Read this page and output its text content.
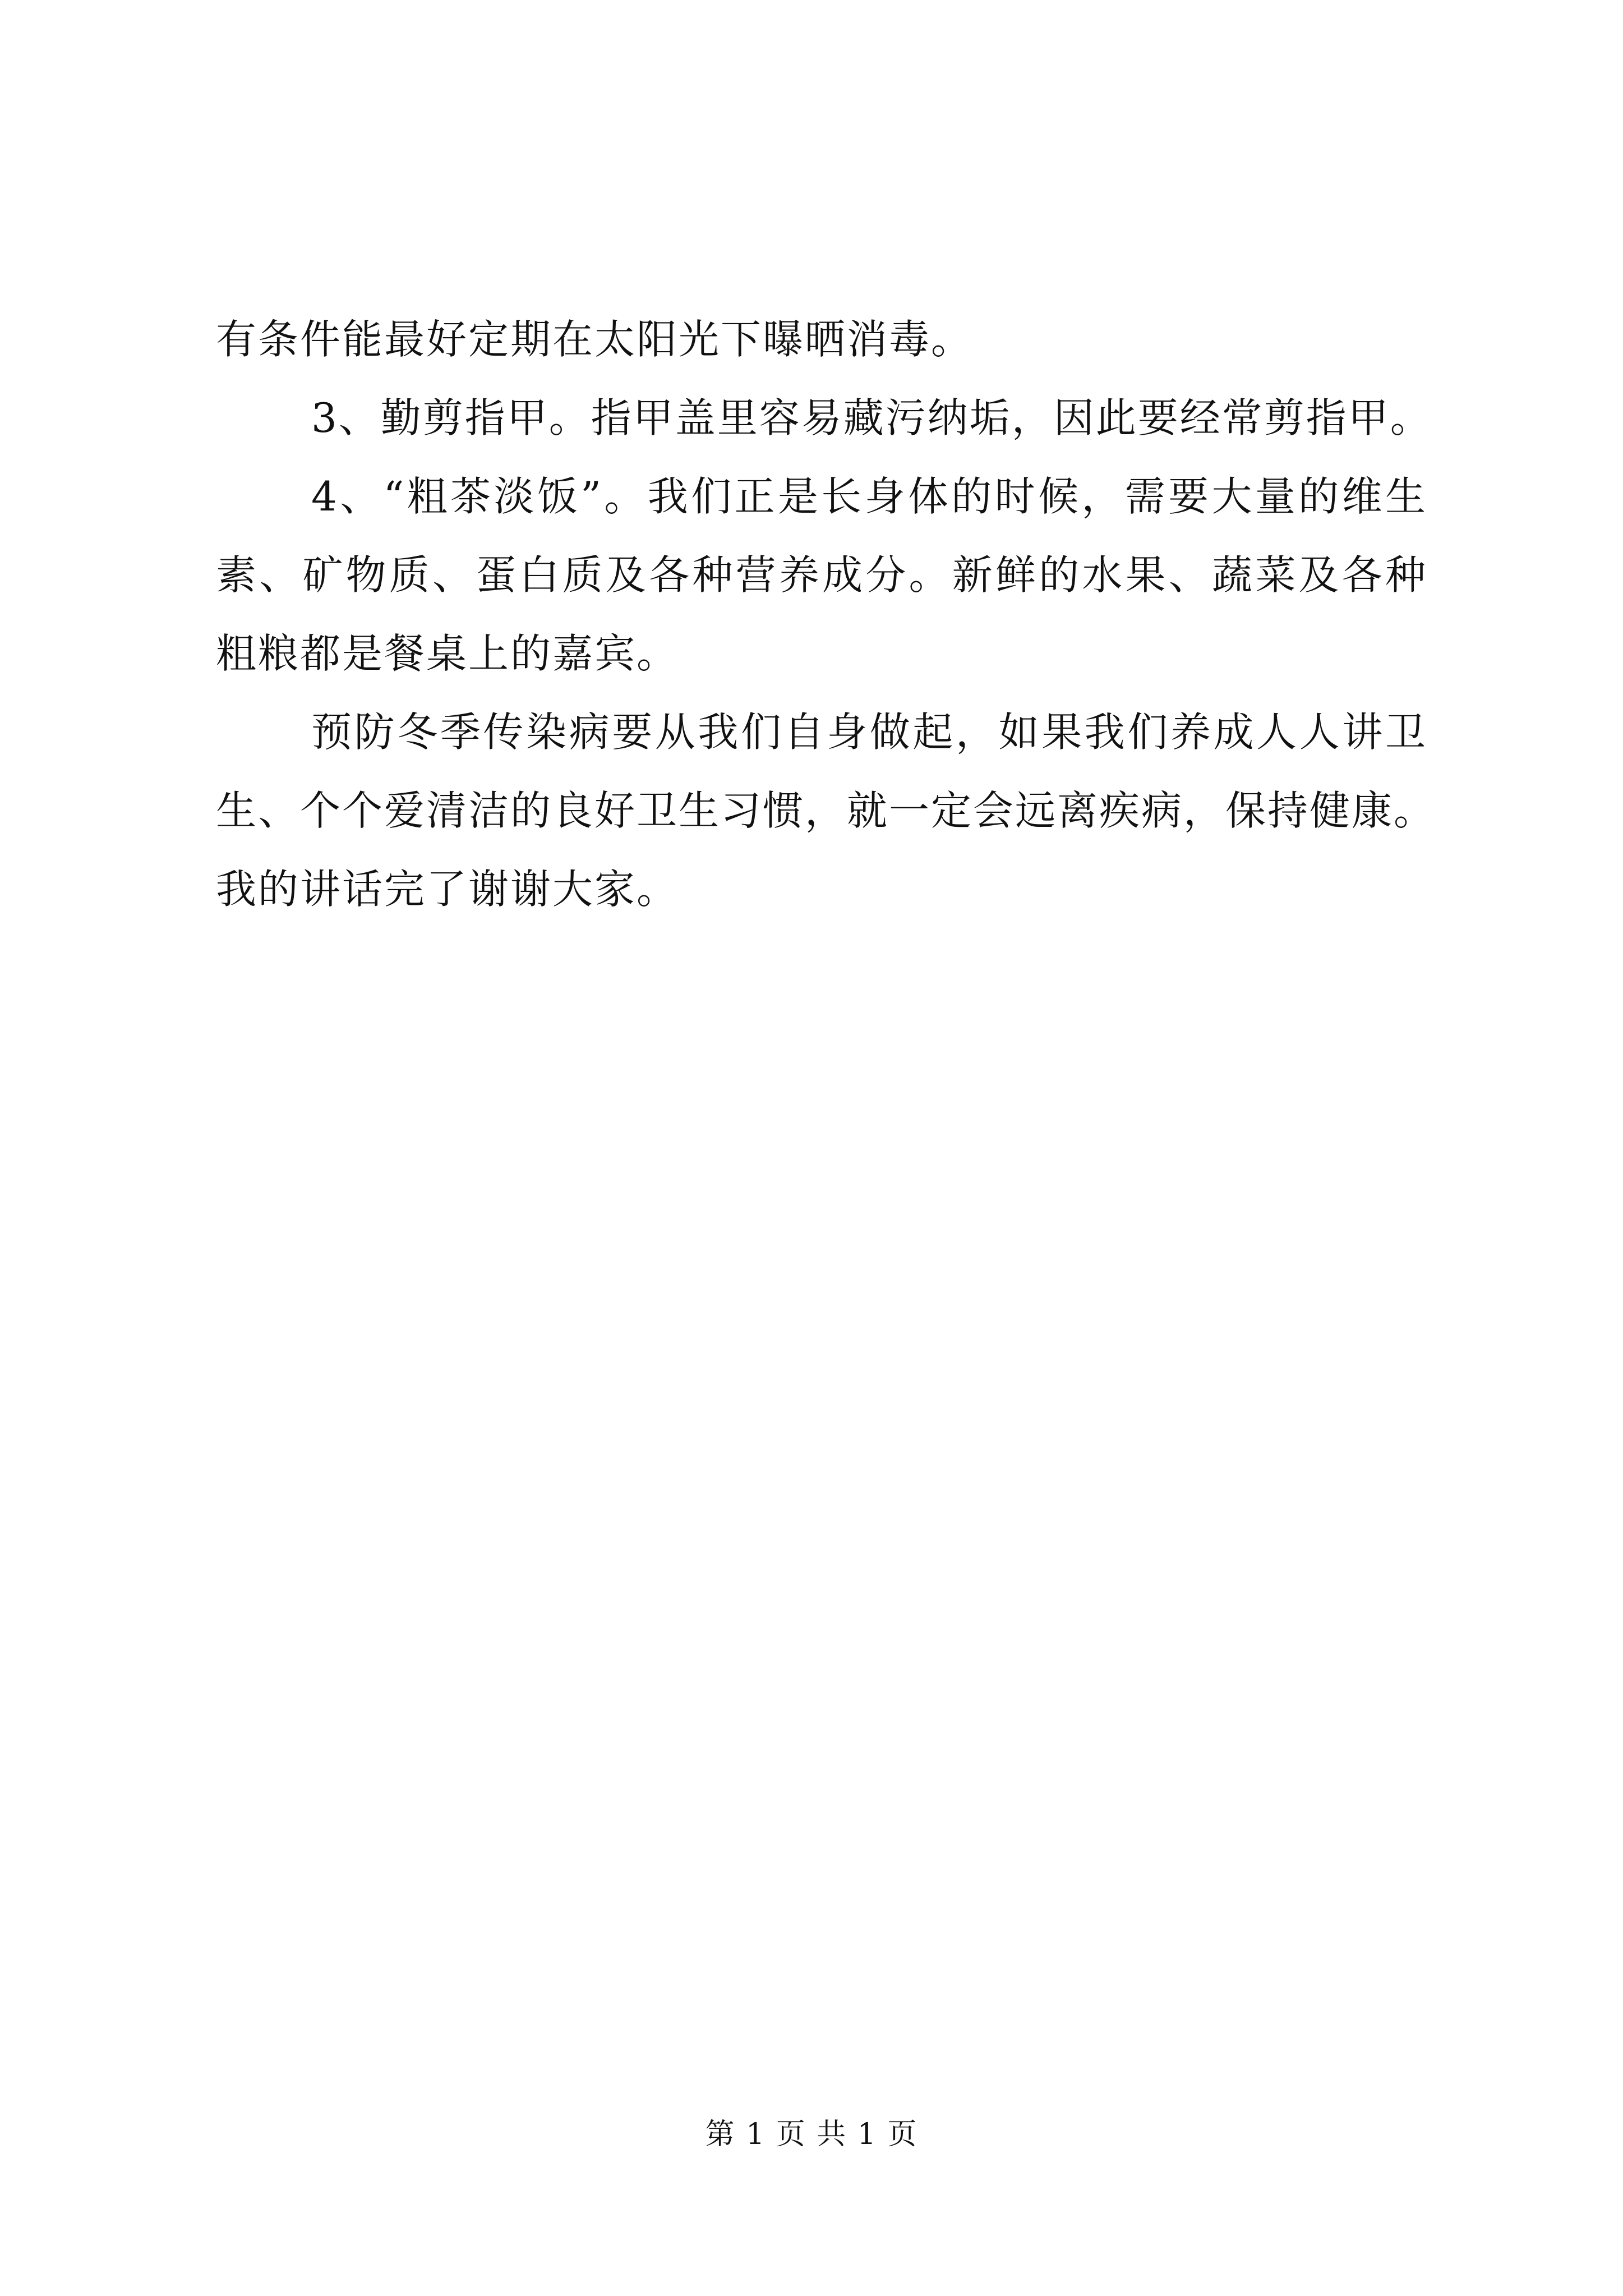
有条件能最好定期在太阳光下曝晒消毒。
3、勤剪指甲。指甲盖里容易藏污纳垢，因此要经常剪指甲。
4、“粗茶淡饭”。我们正是长身体的时候，需要大量的维生
素、矿物质、蛋白质及各种营养成分。新鲜的水果、蔬菜及各种
粗粮都是餐桌上的嘉宾。
预防冬季传染病要从我们自身做起，如果我们养成人人讲卫
生、个个爱清洁的良好卫生习惯，就一定会远离疾病，保持健康。
我的讲话完了谢谢大家。
第 1 页 共 1 页
